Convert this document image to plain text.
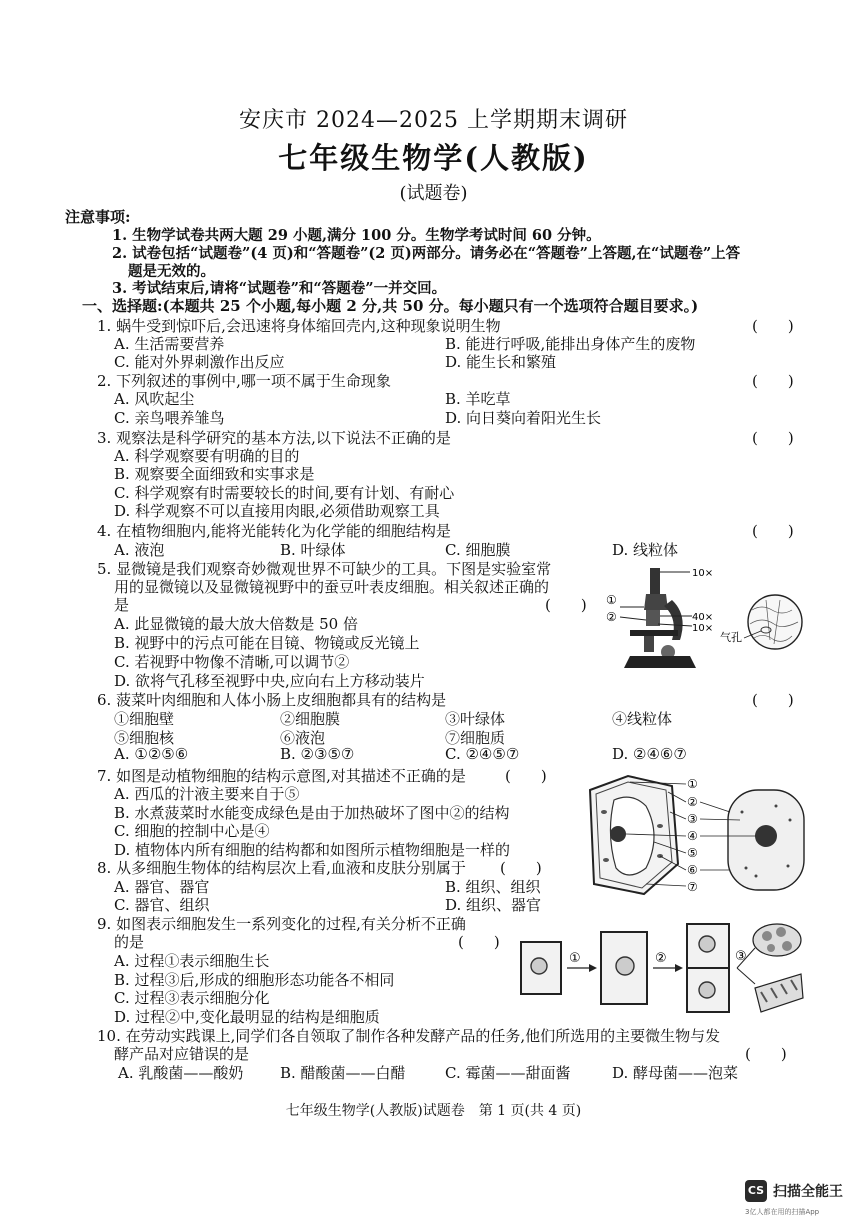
安庆市 2024—2025 上学期期末调研
七年级生物学(人教版)
(试题卷)
注意事项:
1. 生物学试卷共两大题 29 小题,满分 100 分。生物学考试时间 60 分钟。
2. 试卷包括“试题卷”(4 页)和“答题卷”(2 页)两部分。请务必在“答题卷”上答题,在“试题卷”上答
题是无效的。
3. 考试结束后,请将“试题卷”和“答题卷”一并交回。
一、选择题:(本题共 25 个小题,每小题 2 分,共 50 分。每小题只有一个选项符合题目要求。)
1. 蜗牛受到惊吓后,会迅速将身体缩回壳内,这种现象说明生物	(　　)
A. 生活需要营养	B. 能进行呼吸,能排出身体产生的废物
C. 能对外界刺激作出反应	D. 能生长和繁殖
2. 下列叙述的事例中,哪一项不属于生命现象	(　　)
A. 风吹起尘	B. 羊吃草
C. 亲鸟喂养雏鸟	D. 向日葵向着阳光生长
3. 观察法是科学研究的基本方法,以下说法不正确的是	(　　)
A. 科学观察要有明确的目的
B. 观察要全面细致和实事求是
C. 科学观察有时需要较长的时间,要有计划、有耐心
D. 科学观察不可以直接用肉眼,必须借助观察工具
4. 在植物细胞内,能将光能转化为化学能的细胞结构是	(　　)
A. 液泡	B. 叶绿体	C. 细胞膜	D. 线粒体
5. 显微镜是我们观察奇妙微观世界不可缺少的工具。下图是实验室常
用的显微镜以及显微镜视野中的蚕豆叶表皮细胞。相关叙述正确的
是	(　　)
A. 此显微镜的最大放大倍数是 50 倍
B. 视野中的污点可能在目镜、物镜或反光镜上
C. 若视野中物像不清晰,可以调节②
D. 欲将气孔移至视野中央,应向右上方移动装片
10×
40×
10×
①
②
气孔
6. 菠菜叶肉细胞和人体小肠上皮细胞都具有的结构是	(　　)
①细胞壁	②细胞膜	③叶绿体	④线粒体
⑤细胞核	⑥液泡	⑦细胞质
A. ①②⑤⑥	B. ②③⑤⑦	C. ②④⑤⑦	D. ②④⑥⑦
7. 如图是动植物细胞的结构示意图,对其描述不正确的是	(　　)
A. 西瓜的汁液主要来自于⑤
B. 水煮菠菜时水能变成绿色是由于加热破坏了图中②的结构
C. 细胞的控制中心是④
D. 植物体内所有细胞的结构都和如图所示植物细胞是一样的
①
②
③
④
⑤
⑥
⑦
8. 从多细胞生物体的结构层次上看,血液和皮肤分别属于 (　　)
A. 器官、器官	B. 组织、组织
C. 器官、组织	D. 组织、器官
9. 如图表示细胞发生一系列变化的过程,有关分析不正确
的是	(　　)
A. 过程①表示细胞生长
B. 过程③后,形成的细胞形态功能各不相同
C. 过程③表示细胞分化
D. 过程②中,变化最明显的结构是细胞质
①	②	③
10. 在劳动实践课上,同学们各自领取了制作各种发酵产品的任务,他们所选用的主要微生物与发
酵产品对应错误的是	(　　)
A. 乳酸菌——酸奶 B. 醋酸菌——白醋	C. 霉菌——甜面酱	D. 酵母菌——泡菜
七年级生物学(人教版)试题卷　第 1 页(共 4 页)
CS 扫描全能王
3亿人都在用的扫描App
